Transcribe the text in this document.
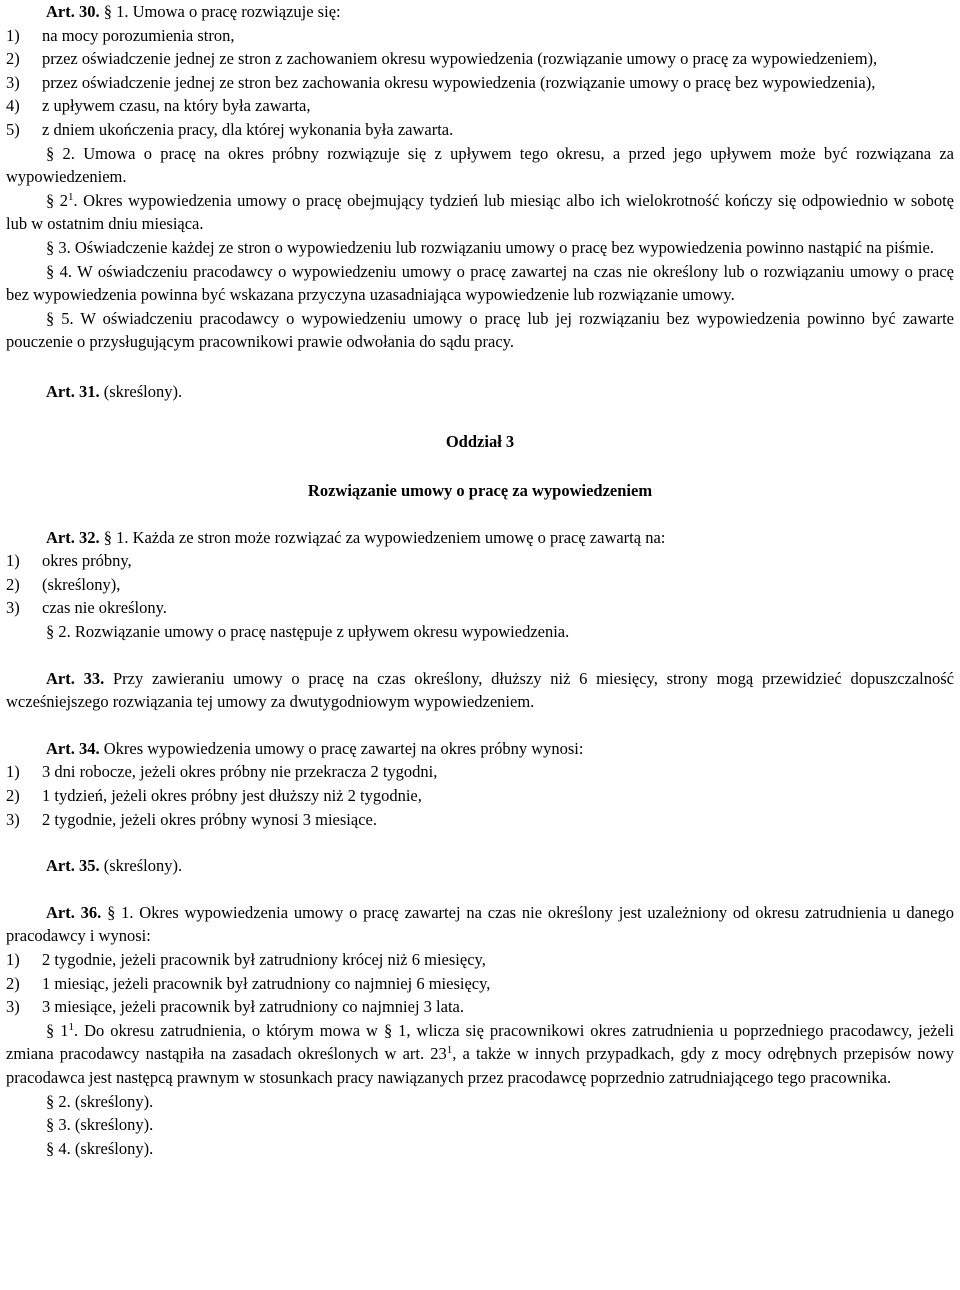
Art. 30. § 1. Umowa o pracę rozwiązuje się:

1)	na mocy porozumienia stron,
2)	przez oświadczenie jednej ze stron z zachowaniem okresu wypowiedzenia (rozwiązanie umowy o pracę za wypowiedzeniem),
3)	przez oświadczenie jednej ze stron bez zachowania okresu wypowiedzenia (rozwiązanie umowy o pracę bez wypowiedzenia),
4)	z upływem czasu, na który była zawarta,
5)	z dniem ukończenia pracy, dla której wykonania była zawarta.

§ 2. Umowa o pracę na okres próbny rozwiązuje się z upływem tego okresu, a przed jego upływem może być rozwiązana za wypowiedzeniem.

§ $2^1$. Okres wypowiedzenia umowy o pracę obejmujący tydzień lub miesiąc albo ich wielokrotność kończy się odpowiednio w sobotę lub w ostatnim dniu miesiąca.

§ 3. Oświadczenie każdej ze stron o wypowiedzeniu lub rozwiązaniu umowy o pracę bez wypowiedzenia powinno nastąpić na piśmie.

§ 4. W oświadczeniu pracodawcy o wypowiedzeniu umowy o pracę zawartej na czas nie określony lub o rozwiązaniu umowy o pracę bez wypowiedzenia powinna być wskazana przyczyna uzasadniająca wypowiedzenie lub rozwiązanie umowy.

§ 5. W oświadczeniu pracodawcy o wypowiedzeniu umowy o pracę lub jej rozwiązaniu bez wypowiedzenia powinno być zawarte pouczenie o przysługującym pracownikowi prawie odwołania do sądu pracy.

Art. 31. (skreślony).

Oddział 3

Rozwiązanie umowy o pracę za wypowiedzeniem

Art. 32. § 1. Każda ze stron może rozwiązać za wypowiedzeniem umowę o pracę zawartą na:

1)	okres próbny,
2)	(skreślony),
3)	czas nie określony.

§ 2. Rozwiązanie umowy o pracę następuje z upływem okresu wypowiedzenia.

Art. 33. Przy zawieraniu umowy o pracę na czas określony, dłuższy niż 6 miesięcy, strony mogą przewidzieć dopuszczalność wcześniejszego rozwiązania tej umowy za dwutygodniowym wypowiedzeniem.

Art. 34. Okres wypowiedzenia umowy o pracę zawartej na okres próbny wynosi:

1)	3 dni robocze, jeżeli okres próbny nie przekracza 2 tygodni,
2)	1 tydzień, jeżeli okres próbny jest dłuższy niż 2 tygodnie,
3)	2 tygodnie, jeżeli okres próbny wynosi 3 miesiące.

Art. 35. (skreślony).

Art. 36. § 1. Okres wypowiedzenia umowy o pracę zawartej na czas nie określony jest uzależniony od okresu zatrudnienia u danego pracodawcy i wynosi:

1)	2 tygodnie, jeżeli pracownik był zatrudniony krócej niż 6 miesięcy,
2)	1 miesiąc, jeżeli pracownik był zatrudniony co najmniej 6 miesięcy,
3)	3 miesiące, jeżeli pracownik był zatrudniony co najmniej 3 lata.

§ $1^1$. Do okresu zatrudnienia, o którym mowa w § 1, wlicza się pracownikowi okres zatrudnienia u poprzedniego pracodawcy, jeżeli zmiana pracodawcy nastąpiła na zasadach określonych w art. $23^1$, a także w innych przypadkach, gdy z mocy odrębnych przepisów nowy pracodawca jest następcą prawnym w stosunkach pracy nawiązanych przez pracodawcę poprzednio zatrudniającego tego pracownika.

§ 2. (skreślony).

§ 3. (skreślony).

§ 4. (skreślony).
